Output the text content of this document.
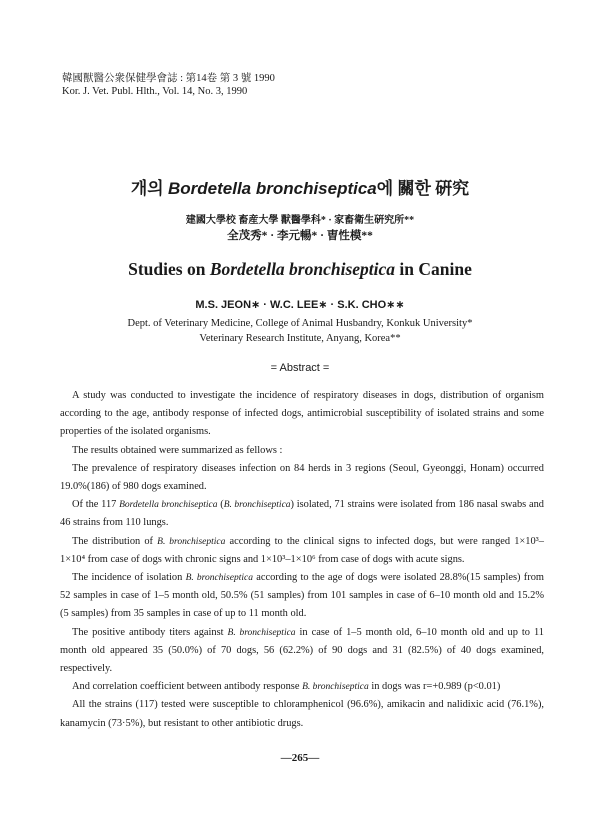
韓國獸醫公衆保健學會誌 : 第14卷 第 3 號 1990
Kor. J. Vet. Publ. Hlth., Vol. 14, No. 3, 1990
개의 Bordetella bronchiseptica에 關한 硏究
建國大學校 畜産大學 獸醫學科* · 家畜衛生硏究所**
全茂秀* · 李元暢* · 曺性模**
Studies on Bordetella bronchiseptica in Canine
M.S. JEON∗ · W.C. LEE∗ · S.K. CHO∗∗
Dept. of Veterinary Medicine, College of Animal Husbandry, Konkuk University*
Veterinary Research Institute, Anyang, Korea**
= Abstract =

A study was conducted to investigate the incidence of respiratory diseases in dogs, distribution of organism according to the age, antibody response of infected dogs, antimicrobial susceptibility of isolated strains and some properties of the isolated organisms.

The results obtained were summarized as fellows :

The prevalence of respiratory diseases infection on 84 herds in 3 regions (Seoul, Gyeonggi, Honam) occurred 19.0%(186) of 980 dogs examined.

Of the 117 Bordetella bronchiseptica (B. bronchiseptica) isolated, 71 strains were isolated from 186 nasal swabs and 46 strains from 110 lungs.

The distribution of B. bronchiseptica according to the clinical signs to infected dogs, but were ranged 1×10³–1×10⁴ from case of dogs with chronic signs and 1×10³–1×10⁶ from case of dogs with acute signs.

The incidence of isolation B. bronchiseptica according to the age of dogs were isolated 28.8%(15 samples) from 52 samples in case of 1–5 month old, 50.5% (51 samples) from 101 samples in case of 6–10 month old and 15.2% (5 samples) from 35 samples in case of up to 11 month old.

The positive antibody titers against B. bronchiseptica in case of 1–5 month old, 6–10 month old and up to 11 month old appeared 35 (50.0%) of 70 dogs, 56 (62.2%) of 90 dogs and 31 (82.5%) of 40 dogs examined, respectively.

And correlation coefficient between antibody response B. bronchiseptica in dogs was r=+0.989 (p<0.01)

All the strains (117) tested were susceptible to chloramphenicol (96.6%), amikacin and nalidixic acid (76.1%), kanamycin (73·5%), but resistant to other antibiotic drugs.

—265—
